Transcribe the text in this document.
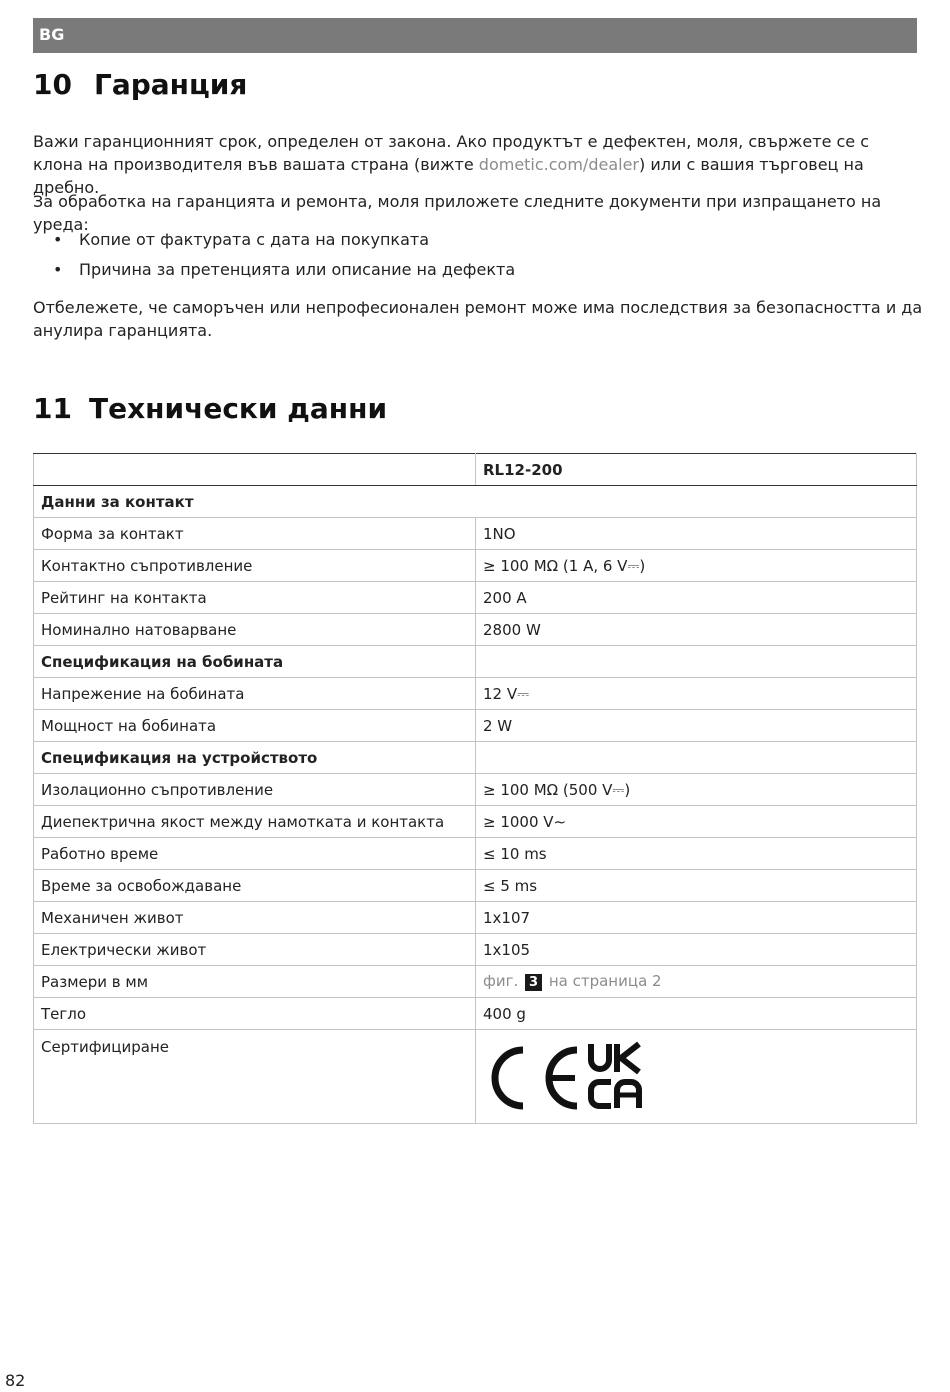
BG
10 Гаранция

Важи гаранционният срок, определен от закона. Ако продуктът е дефектен, моля, свържете се с клона на производителя във вашата страна (вижте dometic.com/dealer) или с вашия търговец на дребно.

За обработка на гаранцията и ремонта, моля приложете следните документи при изпращането на уреда:

• Копие от фактурата с дата на покупката
• Причина за претенцията или описание на дефекта

Отбележете, че саморъчен или непрофесионален ремонт може има последствия за безопасността и да анулира гаранцията.

11 Технически данни
	RL12-200
Данни за контакт	
Форма за контакт	1NO
Контактно съпротивление	≥ 100 MΩ (1 A, 6 V⎓)
Рейтинг на контакта	200 A
Номинално натоварване	2800 W
Спецификация на бобината	
Напрежение на бобината	12 V⎓
Мощност на бобината	2 W
Спецификация на устройството	
Изолационно съпротивление	≥ 100 MΩ (500 V⎓)
Диепектрична якост между намотката и контакта	≥ 1000 V∼
Работно време	≤ 10 ms
Време за освобождаване	≤ 5 ms
Механичен живот	1x107
Електрически живот	1x105
Размери в мм	фиг. 3 на страница 2
Тегло	400 g
Сертифициране	
82
